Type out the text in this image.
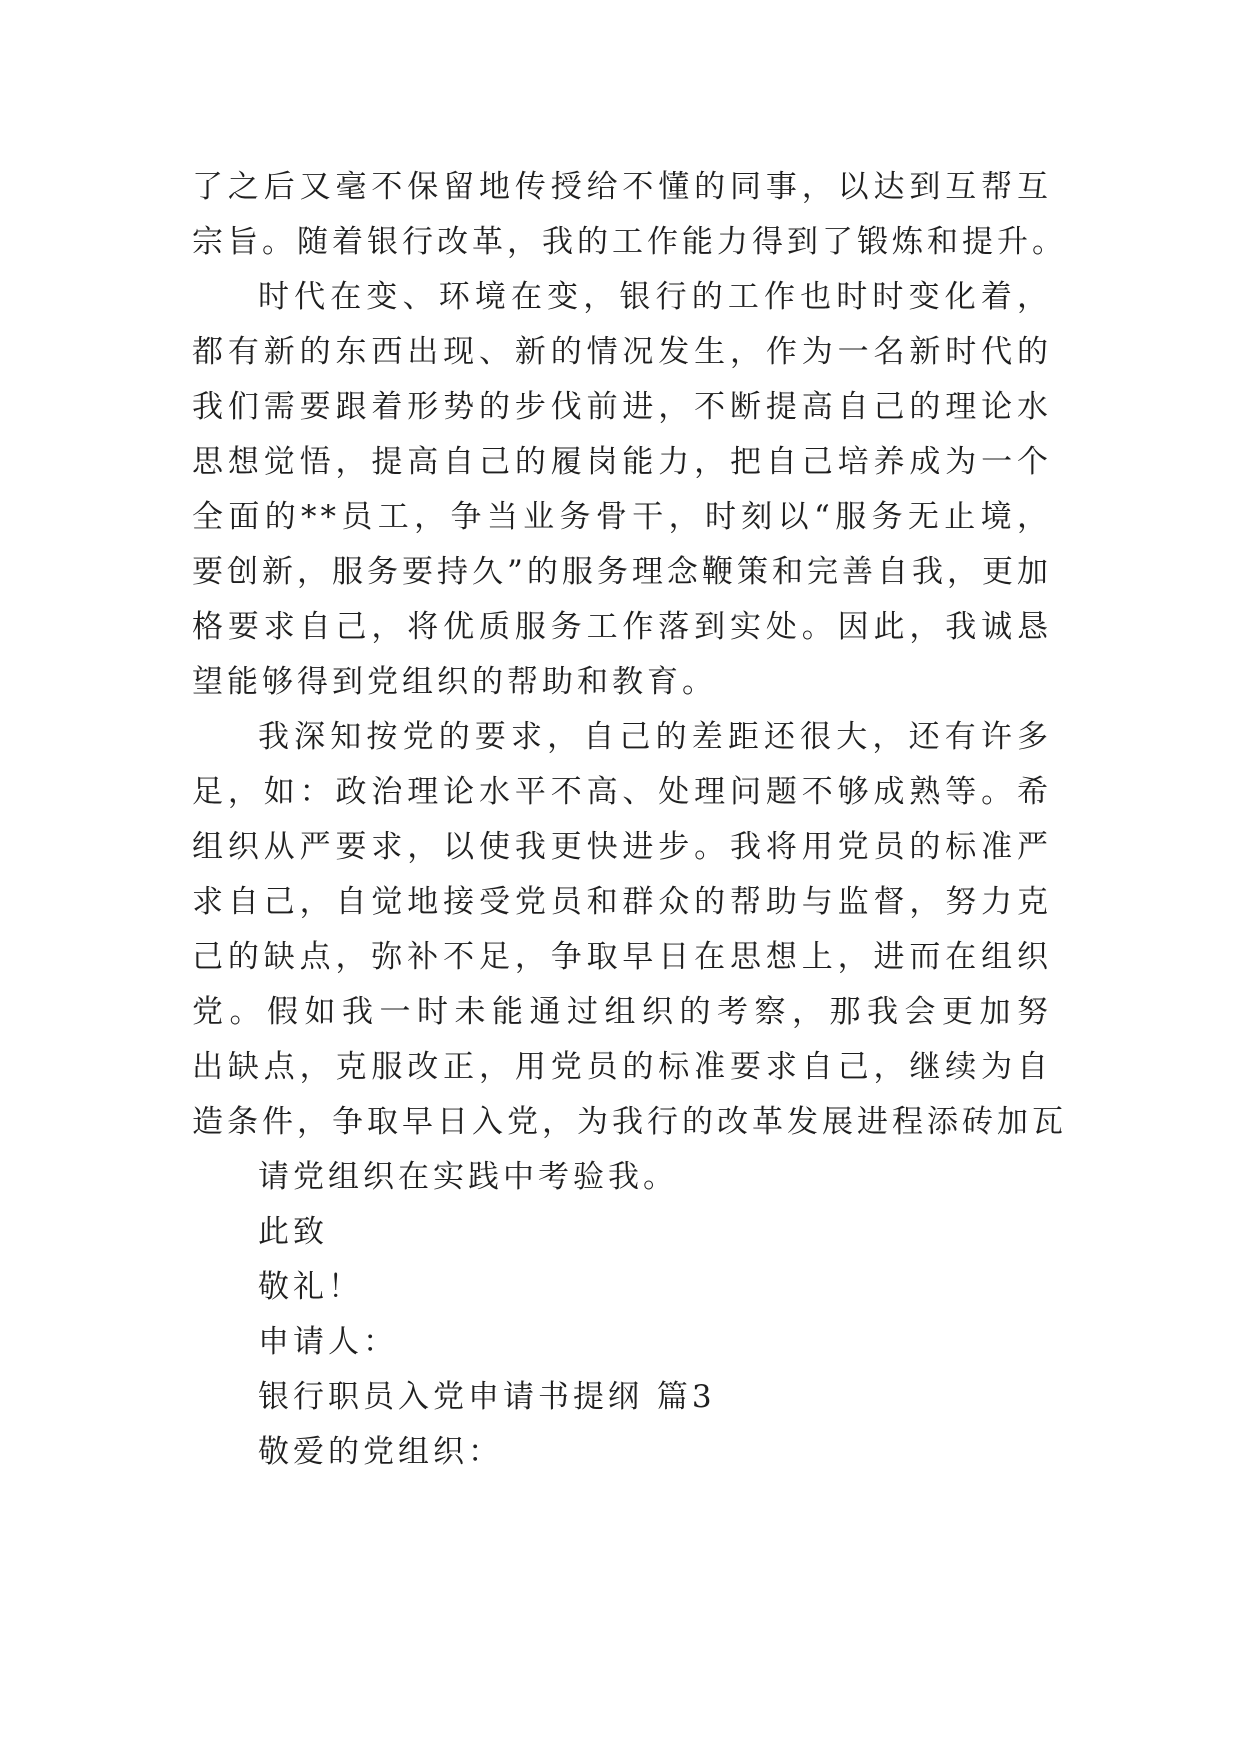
了之后又毫不保留地传授给不懂的同事，以达到互帮互
宗旨。随着银行改革，我的工作能力得到了锻炼和提升。
时代在变、环境在变，银行的工作也时时变化着，
都有新的东西出现、新的情况发生，作为一名新时代的
我们需要跟着形势的步伐前进，不断提高自己的理论水
思想觉悟，提高自己的履岗能力，把自己培养成为一个
全面的**员工，争当业务骨干，时刻以“服务无止境，
要创新，服务要持久”的服务理念鞭策和完善自我，更加
格要求自己，将优质服务工作落到实处。因此，我诚恳
望能够得到党组织的帮助和教育。
我深知按党的要求，自己的差距还很大，还有许多
足，如：政治理论水平不高、处理问题不够成熟等。希
组织从严要求，以使我更快进步。我将用党员的标准严
求自己，自觉地接受党员和群众的帮助与监督，努力克
己的缺点，弥补不足，争取早日在思想上，进而在组织
党。假如我一时未能通过组织的考察，那我会更加努
出缺点，克服改正，用党员的标准要求自己，继续为自
造条件，争取早日入党，为我行的改革发展进程添砖加瓦
请党组织在实践中考验我。
此致
敬礼！
申请人：
银行职员入党申请书提纲 篇3
敬爱的党组织：
